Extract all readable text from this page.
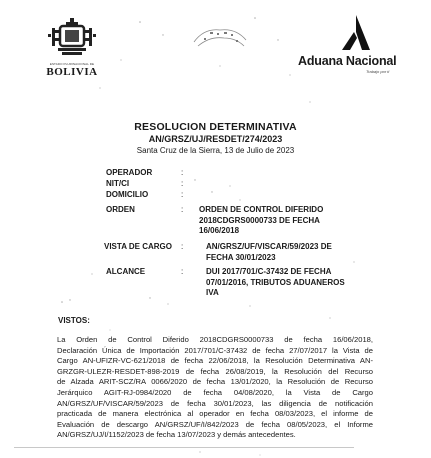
ESTADO PLURINACIONAL DE
BOLIVIA
Aduana Nacional
Trabajo por ti
RESOLUCION DETERMINATIVA
AN/GRSZ/UJ/RESDET/274/2023
Santa Cruz de la Sierra, 13 de Julio de 2023
OPERADOR	:
NIT/CI	:
DOMICILIO	:
ORDEN	: ORDEN DE CONTROL DIFERIDO
2018CDGRS0000733 DE FECHA
16/06/2018
VISTA DE CARGO :	AN/GRSZ/UF/VISCAR/59/2023 DE
FECHA 30/01/2023
ALCANCE	:	DUI 2017/701/C-37432 DE FECHA
07/01/2016, TRIBUTOS ADUANEROS
IVA
VISTOS:
La Orden de Control Diferido 2018CDGRS0000733 de fecha 16/06/2018,
Declaración Única de Importación 2017/701/C-37432 de fecha 27/07/2017 la Vista de
Cargo AN-UFIZR-VC-621/2018 de fecha 22/06/2018, la Resolución Determinativa AN-
GRZGR-ULEZR-RESDET-898-2019 de fecha 26/08/2019, la Resolución del Recurso
de Alzada ARIT-SCZ/RA 0066/2020 de fecha 13/01/2020, la Resolución de Recurso
Jerárquico AGIT-RJ-0984/2020 de fecha 04/08/2020, la Vista de Cargo
AN/GRSZ/UF/VISCAR/59/2023 de fecha 30/01/2023, las diligencia de notificación
practicada de manera electrónica al operador en fecha 08/03/2023, el informe de
Evaluación de descargo AN/GRSZ/UF/I/842/2023 de fecha 08/05/2023, el Informe
AN/GRSZ/UJ/I/1152/2023 de fecha 13/07/2023 y demás antecedentes.
